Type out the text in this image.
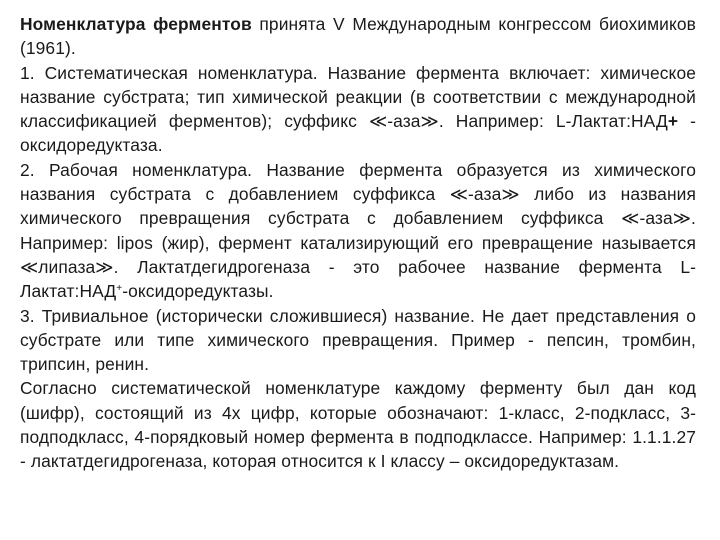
Номенклатура ферментов принята V Международным конгрессом биохимиков (1961).

1. Систематическая номенклатура. Название фермента включает: химическое название субстрата; тип химической реакции (в соответствии с международной классификацией ферментов); суффикс ≪-аза≫. Например: L-Лактат:НАД+ - оксидоредуктаза.

2. Рабочая номенклатура. Название фермента образуется из химического названия субстрата с добавлением суффикса ≪-аза≫ либо из названия химического превращения субстрата с добавлением суффикса ≪-аза≫. Например: lipos (жир), фермент катализирующий его превращение называется ≪липаза≫. Лактатдегидрогеназа - это рабочее название фермента L-Лактат:НАД+-оксидоредуктазы.

3. Тривиальное (исторически сложившиеся) название. Не дает представления о субстрате или типе химического превращения. Пример - пепсин, тромбин, трипсин, ренин.

Согласно систематической номенклатуре каждому ферменту был дан код (шифр), состоящий из 4х цифр, которые обозначают: 1-класс, 2-подкласс, 3-подподкласс, 4-порядковый номер фермента в подподклассе. Например: 1.1.1.27 - лактатдегидрогеназа, которая относится к I классу – оксидоредуктазам.
